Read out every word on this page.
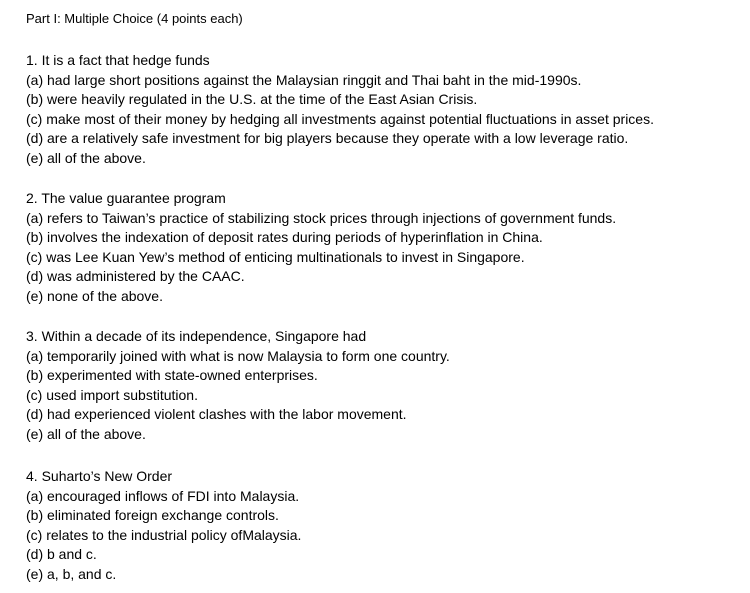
Part I: Multiple Choice (4 points each)
1. It is a fact that hedge funds
(a) had large short positions against the Malaysian ringgit and Thai baht in the mid-1990s.
(b) were heavily regulated in the U.S. at the time of the East Asian Crisis.
(c) make most of their money by hedging all investments against potential fluctuations in asset prices.
(d) are a relatively safe investment for big players because they operate with a low leverage ratio.
(e) all of the above.
2. The value guarantee program
(a) refers to Taiwan’s practice of stabilizing stock prices through injections of government funds.
(b) involves the indexation of deposit rates during periods of hyperinflation in China.
(c) was Lee Kuan Yew’s method of enticing multinationals to invest in Singapore.
(d) was administered by the CAAC.
(e) none of the above.
3. Within a decade of its independence, Singapore had
(a) temporarily joined with what is now Malaysia to form one country.
(b) experimented with state-owned enterprises.
(c) used import substitution.
(d) had experienced violent clashes with the labor movement.
(e) all of the above.
4. Suharto’s New Order
(a) encouraged inflows of FDI into Malaysia.
(b) eliminated foreign exchange controls.
(c) relates to the industrial policy ofMalaysia.
(d) b and c.
(e) a, b, and c.
